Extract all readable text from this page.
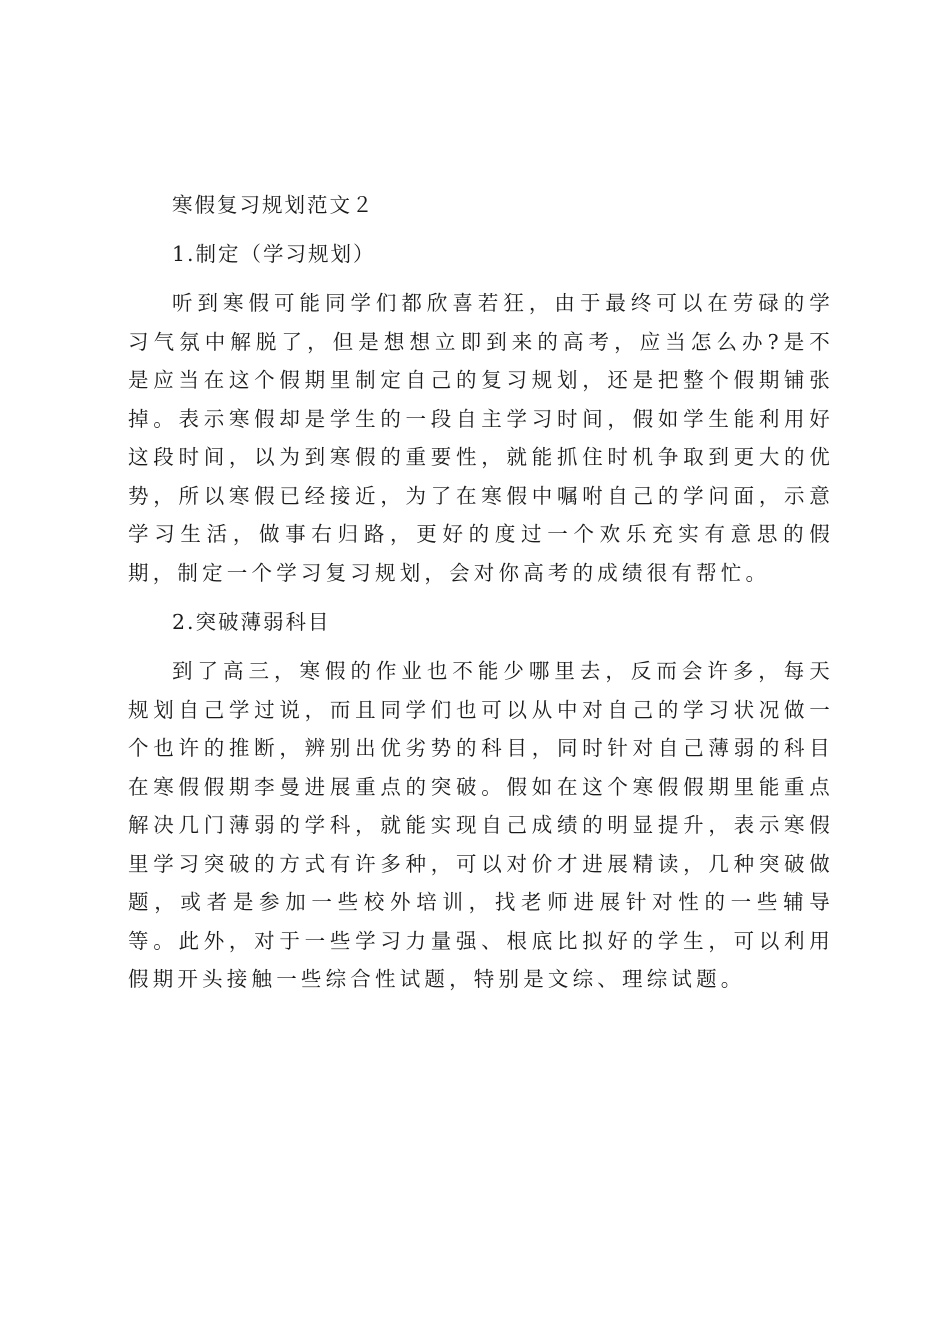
寒假复习规划范文２

1.制定（学习规划）

听到寒假可能同学们都欣喜若狂，由于最终可以在劳碌的学习气氛中解脱了，但是想想立即到来的高考，应当怎么办?是不是应当在这个假期里制定自己的复习规划，还是把整个假期铺张掉。表示寒假却是学生的一段自主学习时间，假如学生能利用好这段时间，以为到寒假的重要性，就能抓住时机争取到更大的优势，所以寒假已经接近，为了在寒假中嘱咐自己的学问面，示意学习生活，做事右归路，更好的度过一个欢乐充实有意思的假期，制定一个学习复习规划，会对你高考的成绩很有帮忙。

2.突破薄弱科目

到了高三，寒假的作业也不能少哪里去，反而会许多，每天规划自己学过说，而且同学们也可以从中对自己的学习状况做一个也许的推断，辨别出优劣势的科目，同时针对自己薄弱的科目在寒假假期李曼进展重点的突破。假如在这个寒假假期里能重点解决几门薄弱的学科，就能实现自己成绩的明显提升，表示寒假里学习突破的方式有许多种，可以对价才进展精读，几种突破做题，或者是参加一些校外培训，找老师进展针对性的一些辅导等。此外，对于一些学习力量强、根底比拟好的学生，可以利用假期开头接触一些综合性试题，特别是文综、理综试题。
